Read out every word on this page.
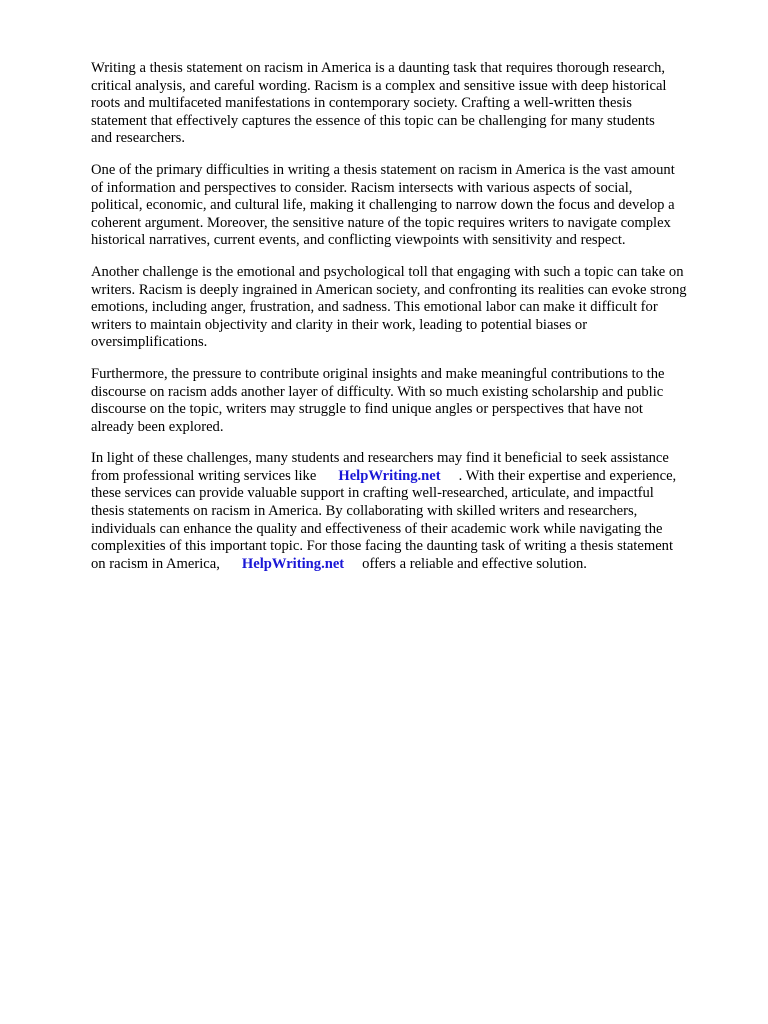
Writing a thesis statement on racism in America is a daunting task that requires thorough research,
critical analysis, and careful wording. Racism is a complex and sensitive issue with deep historical
roots and multifaceted manifestations in contemporary society. Crafting a well-written thesis
statement that effectively captures the essence of this topic can be challenging for many students
and researchers.

One of the primary difficulties in writing a thesis statement on racism in America is the vast amount
of information and perspectives to consider. Racism intersects with various aspects of social,
political, economic, and cultural life, making it challenging to narrow down the focus and develop a
coherent argument. Moreover, the sensitive nature of the topic requires writers to navigate complex
historical narratives, current events, and conflicting viewpoints with sensitivity and respect.

Another challenge is the emotional and psychological toll that engaging with such a topic can take on
writers. Racism is deeply ingrained in American society, and confronting its realities can evoke strong
emotions, including anger, frustration, and sadness. This emotional labor can make it difficult for
writers to maintain objectivity and clarity in their work, leading to potential biases or
oversimplifications.

Furthermore, the pressure to contribute original insights and make meaningful contributions to the
discourse on racism adds another layer of difficulty. With so much existing scholarship and public
discourse on the topic, writers may struggle to find unique angles or perspectives that have not
already been explored.

In light of these challenges, many students and researchers may find it beneficial to seek assistance
from professional writing services like HelpWriting.net . With their expertise and experience,
these services can provide valuable support in crafting well-researched, articulate, and impactful
thesis statements on racism in America. By collaborating with skilled writers and researchers,
individuals can enhance the quality and effectiveness of their academic work while navigating the
complexities of this important topic. For those facing the daunting task of writing a thesis statement
on racism in America, HelpWriting.net offers a reliable and effective solution.
